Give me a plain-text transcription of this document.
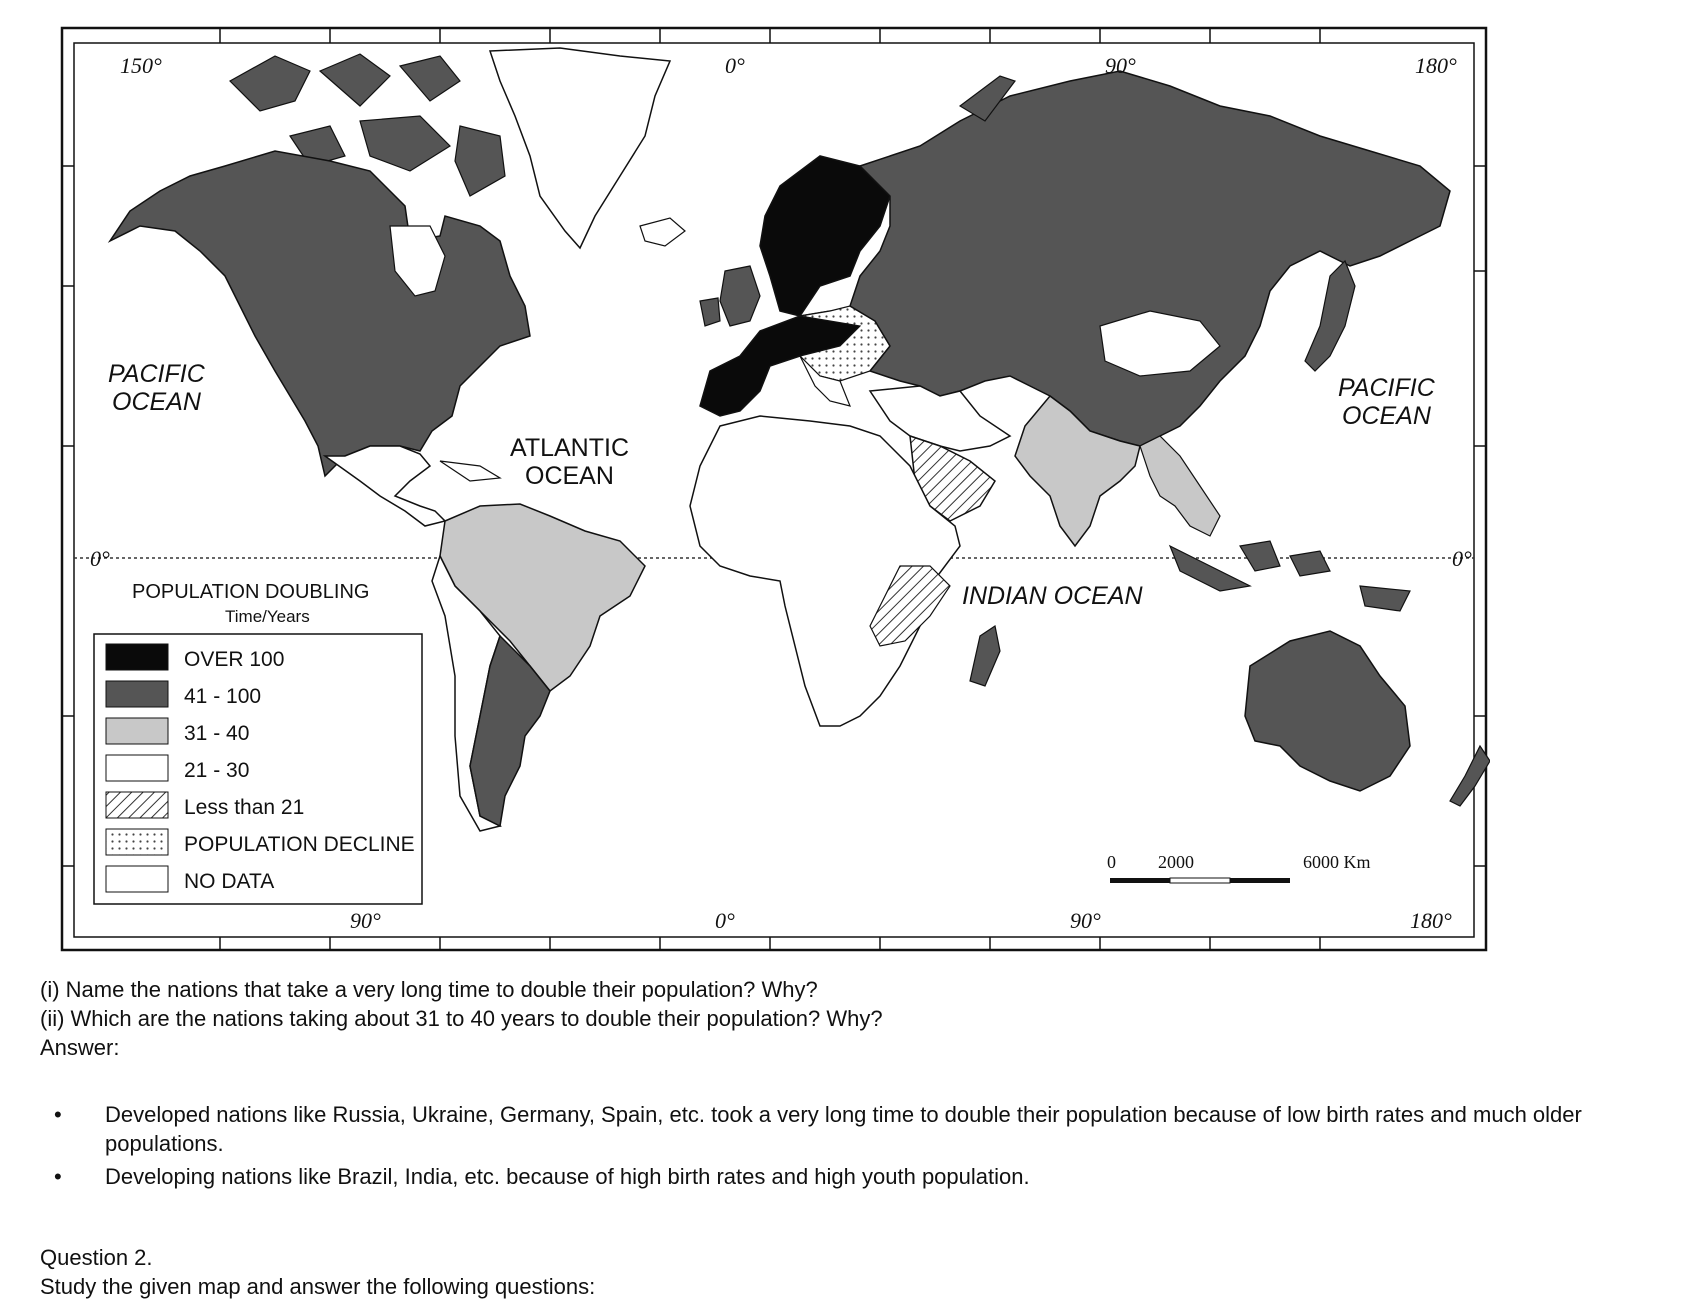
150°	0°	90°	180°
90°	0°	90°	180°
0°	0°
PACIFIC
OCEAN
ATLANTIC
OCEAN
INDIAN OCEAN
PACIFIC
OCEAN
POPULATION DOUBLING
Time/Years
OVER 100
41 - 100
31 - 40
21 - 30
Less than 21
POPULATION DECLINE
NO DATA
0 2000	6000 Km

(i) Name the nations that take a very long time to double their population? Why?

(ii) Which are the nations taking about 31 to 40 years to double their population? Why?

Answer:

• Developed nations like Russia, Ukraine, Germany, Spain, etc. took a very long time to double their population because of low birth rates and much older populations.
• Developing nations like Brazil, India, etc. because of high birth rates and high youth population.

Question 2.

Study the given map and answer the following questions:
